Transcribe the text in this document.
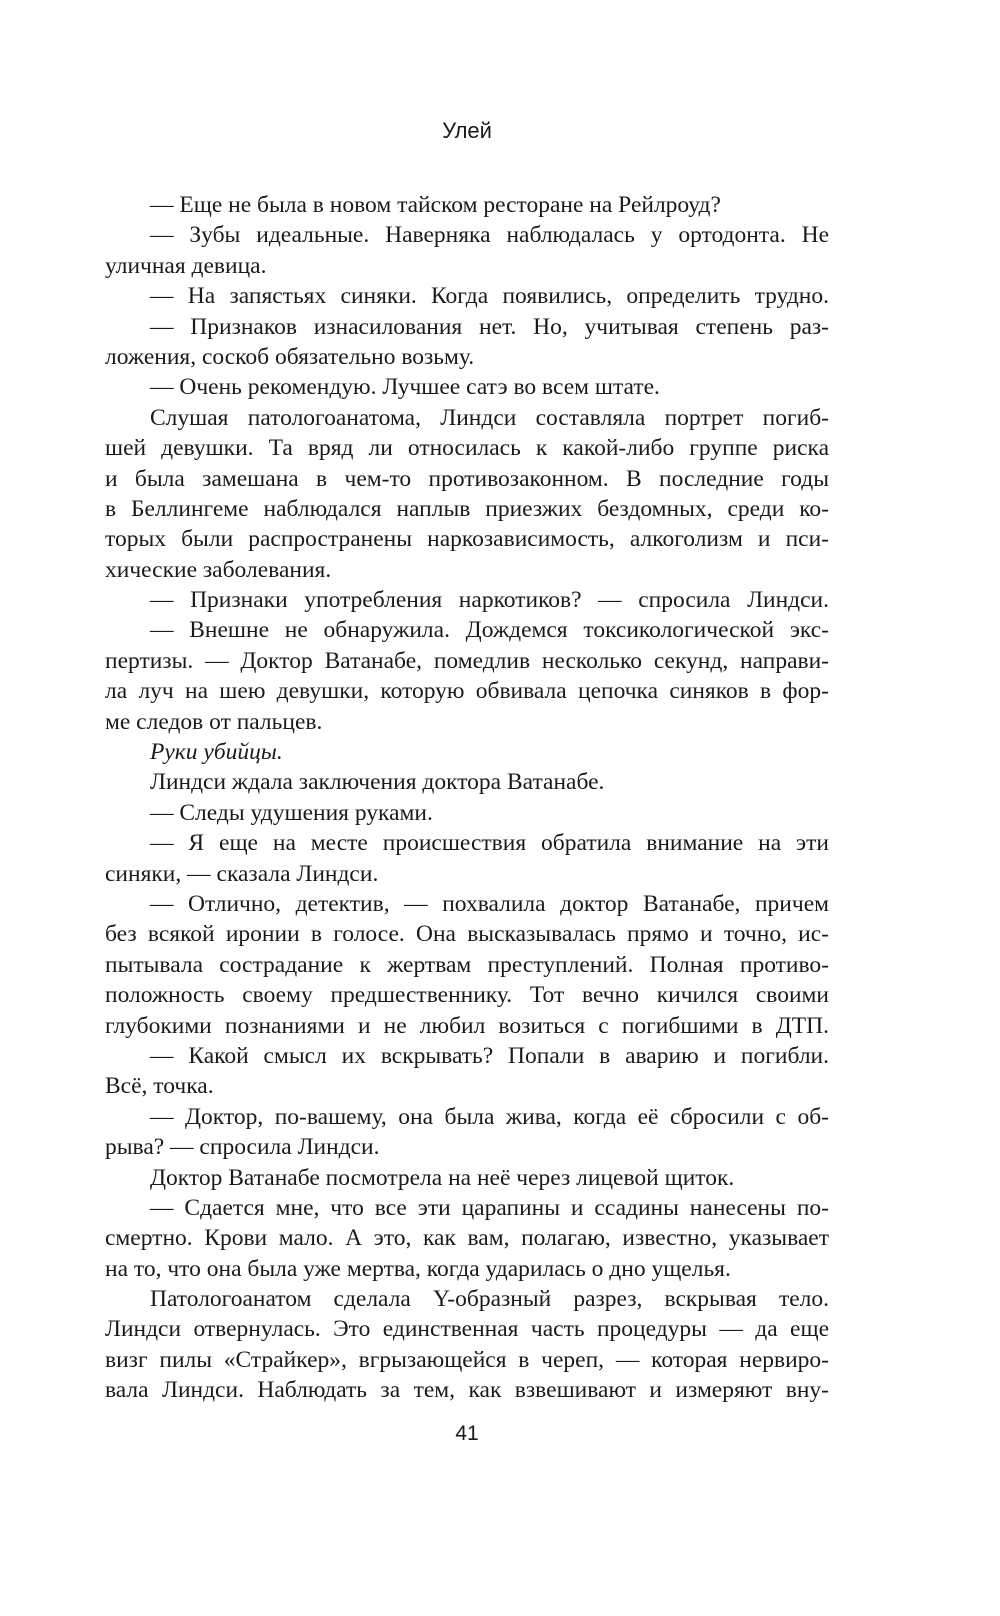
Улей
— Еще не была в новом тайском ресторане на Рейлроуд?
— Зубы идеальные. Наверняка наблюдалась у ортодонта. Не
уличная девица.
— На запястьях синяки. Когда появились, определить трудно.
— Признаков изнасилования нет. Но, учитывая степень раз-
ложения, соскоб обязательно возьму.
— Очень рекомендую. Лучшее сатэ во всем штате.
Слушая патологоанатома, Линдси составляла портрет погиб-
шей девушки. Та вряд ли относилась к какой-либо группе риска
и была замешана в чем-то противозаконном. В последние годы
в Беллингеме наблюдался наплыв приезжих бездомных, среди ко-
торых были распространены наркозависимость, алкоголизм и пси-
хические заболевания.
— Признаки употребления наркотиков? — спросила Линдси.
— Внешне не обнаружила. Дождемся токсикологической экс-
пертизы. — Доктор Ватанабе, помедлив несколько секунд, направи-
ла луч на шею девушки, которую обвивала цепочка синяков в фор-
ме следов от пальцев.
Руки убийцы.
Линдси ждала заключения доктора Ватанабе.
— Следы удушения руками.
— Я еще на месте происшествия обратила внимание на эти
синяки, — сказала Линдси.
— Отлично, детектив, — похвалила доктор Ватанабе, причем
без всякой иронии в голосе. Она высказывалась прямо и точно, ис-
пытывала сострадание к жертвам преступлений. Полная противо-
положность своему предшественнику. Тот вечно кичился своими
глубокими познаниями и не любил возиться с погибшими в ДТП.
— Какой смысл их вскрывать? Попали в аварию и погибли.
Всё, точка.
— Доктор, по-вашему, она была жива, когда её сбросили с об-
рыва? — спросила Линдси.
Доктор Ватанабе посмотрела на неё через лицевой щиток.
— Сдается мне, что все эти царапины и ссадины нанесены по-
смертно. Крови мало. А это, как вам, полагаю, известно, указывает
на то, что она была уже мертва, когда ударилась о дно ущелья.
Патологоанатом сделала Y-образный разрез, вскрывая тело.
Линдси отвернулась. Это единственная часть процедуры — да еще
визг пилы «Страйкер», вгрызающейся в череп, — которая нервиро-
вала Линдси. Наблюдать за тем, как взвешивают и измеряют вну-
41
